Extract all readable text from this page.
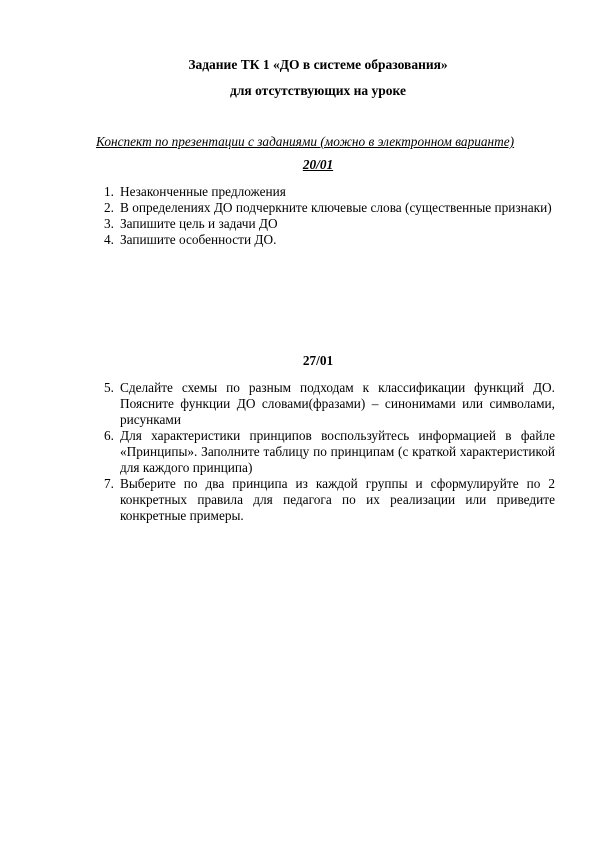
Задание ТК 1 «ДО в системе образования»
для отсутствующих на уроке
Конспект по презентации с заданиями (можно в электронном варианте)
20/01
1. Незаконченные предложения
2. В определениях ДО подчеркните ключевые слова (существенные признаки)
3. Запишите цель и задачи ДО
4. Запишите особенности ДО.
27/01
5. Сделайте схемы по разным подходам к классификации функций ДО. Поясните функции ДО словами(фразами) – синонимами или символами, рисунками
6. Для характеристики принципов воспользуйтесь информацией в файле «Принципы». Заполните таблицу по принципам (с краткой характеристикой для каждого принципа)
7. Выберите по два принципа из каждой группы и сформулируйте по 2 конкретных правила для педагога по их реализации или приведите конкретные примеры.
